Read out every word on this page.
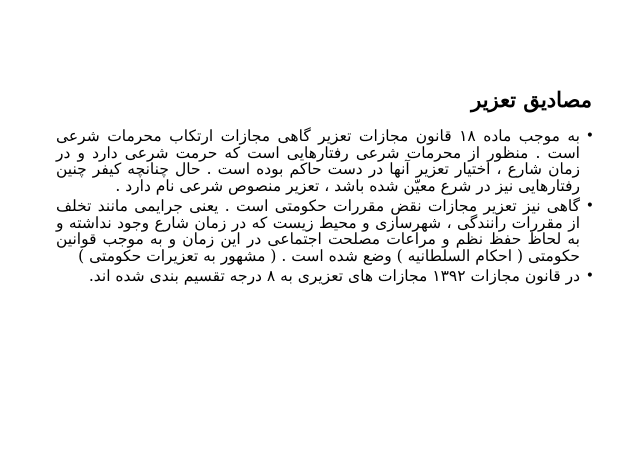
مصادیق تعزیر
•
به موجب ماده ۱۸ قانون مجازات تعزیر گاهی مجازات ارتکاب محرمات شرعی است . منظور از محرمات شرعی رفتارهایی است که حرمت شرعی دارد و در زمان شارع ، اختیار تعزیر آنها در دست حاکم بوده است . حال چنانچه کیفر چنین رفتارهایی نیز در شرع معیّن شده باشد ، تعزیر منصوص شرعی نام دارد .
•
گاهی نیز تعزیر مجازات نقض مقررات حکومتی است . یعنی جرایمی مانند تخلف از مقررات رانندگی ، شهرسازی و محیط زیست که در زمان شارع وجود نداشته و به لحاظ حفظ نظم و مراعات مصلحت اجتماعی در این زمان و به موجب قوانین حکومتی ( احکام السلطانیه ) وضع شده است . ( مشهور به تعزیرات حکومتی )
•
در قانون مجازات ۱۳۹۲ مجازات های تعزیری به ۸ درجه تقسیم بندی شده اند.
